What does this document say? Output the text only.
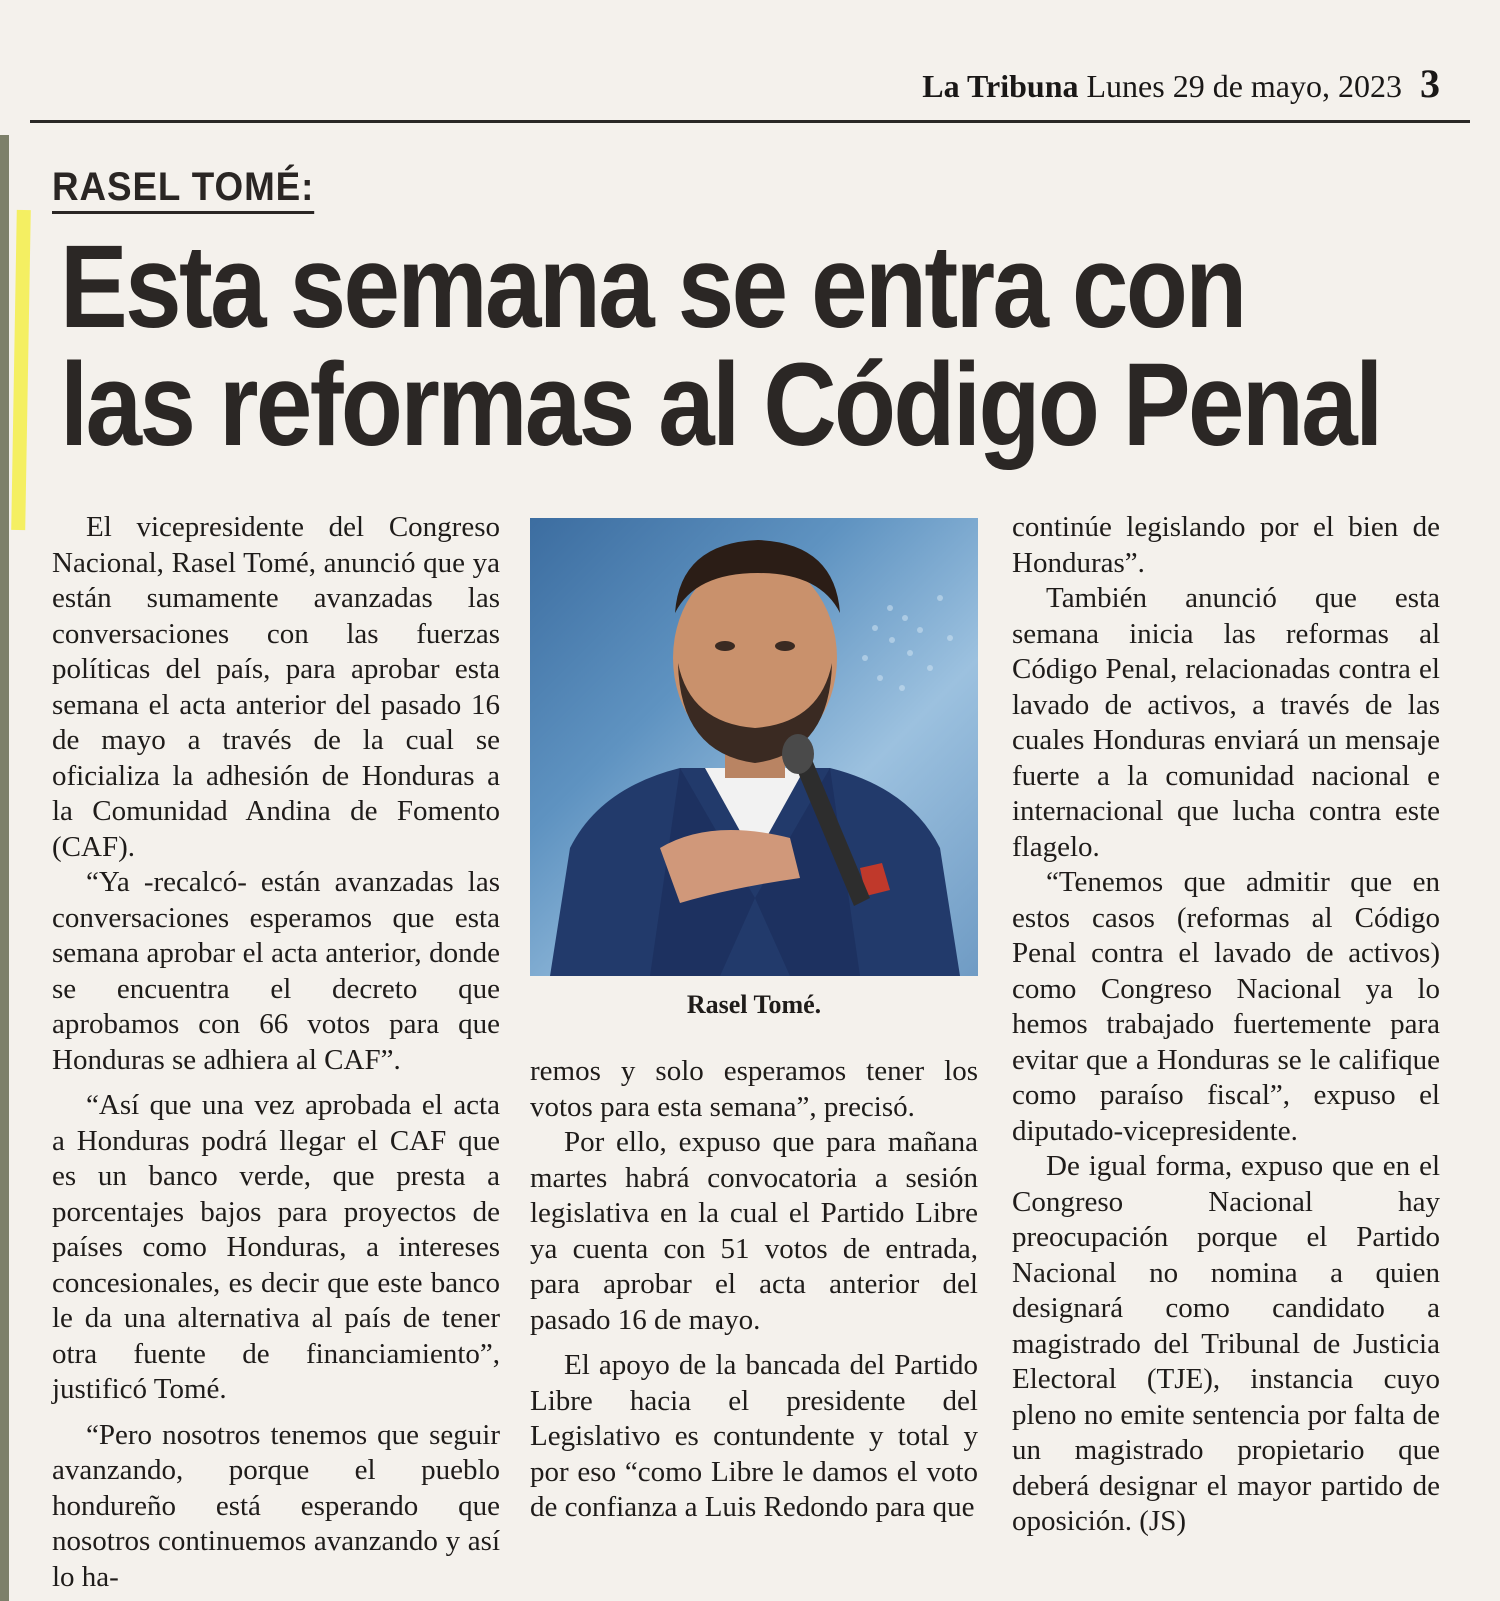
La Tribuna Lunes 29 de mayo, 2023 3
RASEL TOMÉ:
Esta semana se entra con
las reformas al Código Penal

El vicepresidente del Congreso Nacional, Rasel Tomé, anunció que ya están sumamente avanzadas las conversaciones con las fuerzas políticas del país, para aprobar esta semana el acta anterior del pasado 16 de mayo a través de la cual se oficializa la adhesión de Honduras a la Comunidad Andina de Fomento (CAF).

“Ya -recalcó- están avanzadas las conversaciones esperamos que esta semana aprobar el acta anterior, donde se encuentra el decreto que aprobamos con 66 votos para que Honduras se adhiera al CAF”.

“Así que una vez aprobada el acta a Honduras podrá llegar el CAF que es un banco verde, que presta a porcentajes bajos para proyectos de países como Honduras, a intereses concesionales, es decir que este banco le da una alternativa al país de tener otra fuente de financiamiento”, justificó Tomé.

“Pero nosotros tenemos que seguir avanzando, porque el pueblo hondureño está esperando que nosotros continuemos avanzando y así lo ha-

Rasel Tomé.

remos y solo esperamos tener los votos para esta semana”, precisó.

Por ello, expuso que para mañana martes habrá convocatoria a sesión legislativa en la cual el Partido Libre ya cuenta con 51 votos de entrada, para aprobar el acta anterior del pasado 16 de mayo.

El apoyo de la bancada del Partido Libre hacia el presidente del Legislativo es contundente y total y por eso “como Libre le damos el voto de confianza a Luis Redondo para que

continúe legislando por el bien de Honduras”.

También anunció que esta semana inicia las reformas al Código Penal, relacionadas contra el lavado de activos, a través de las cuales Honduras enviará un mensaje fuerte a la comunidad nacional e internacional que lucha contra este flagelo.

“Tenemos que admitir que en estos casos (reformas al Código Penal contra el lavado de activos) como Congreso Nacional ya lo hemos trabajado fuertemente para evitar que a Honduras se le califique como paraíso fiscal”, expuso el diputado-vicepresidente.

De igual forma, expuso que en el Congreso Nacional hay preocupación porque el Partido Nacional no nomina a quien designará como candidato a magistrado del Tribunal de Justicia Electoral (TJE), instancia cuyo pleno no emite sentencia por falta de un magistrado propietario que deberá designar el mayor partido de oposición. (JS)
